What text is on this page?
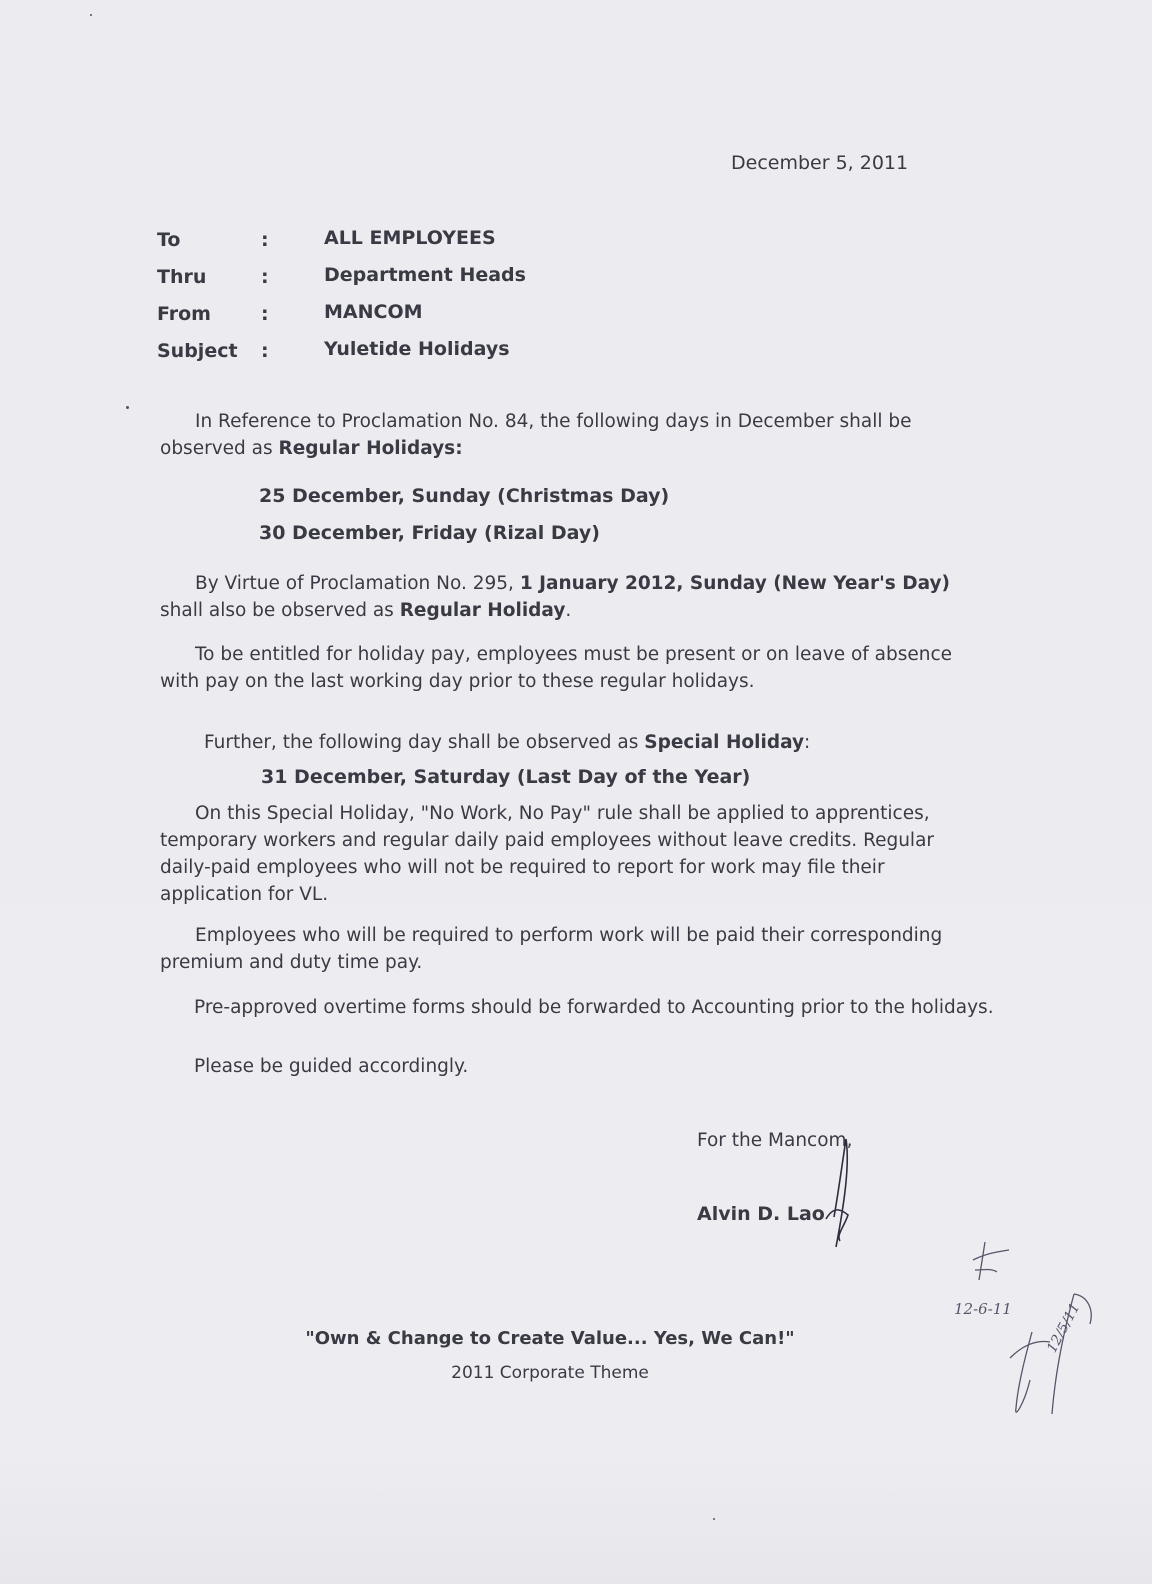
December 5, 2011
To	:	ALL EMPLOYEES
Thru	:	Department Heads
From	:	MANCOM
Subject :	Yuletide Holidays
In Reference to Proclamation No. 84, the following days in December shall be observed as Regular Holidays:
25 December, Sunday (Christmas Day)
30 December, Friday (Rizal Day)
By Virtue of Proclamation No. 295, 1 January 2012, Sunday (New Year's Day) shall also be observed as Regular Holiday.
To be entitled for holiday pay, employees must be present or on leave of absence with pay on the last working day prior to these regular holidays.
Further, the following day shall be observed as Special Holiday:
31 December, Saturday (Last Day of the Year)
On this Special Holiday, "No Work, No Pay" rule shall be applied to apprentices, temporary workers and regular daily paid employees without leave credits. Regular daily-paid employees who will not be required to report for work may file their application for VL.
Employees who will be required to perform work will be paid their corresponding premium and duty time pay.
Pre-approved overtime forms should be forwarded to Accounting prior to the holidays.
Please be guided accordingly.
For the Mancom,
Alvin D. Lao
12-6-11 12/5/11
"Own & Change to Create Value... Yes, We Can!"
2011 Corporate Theme
